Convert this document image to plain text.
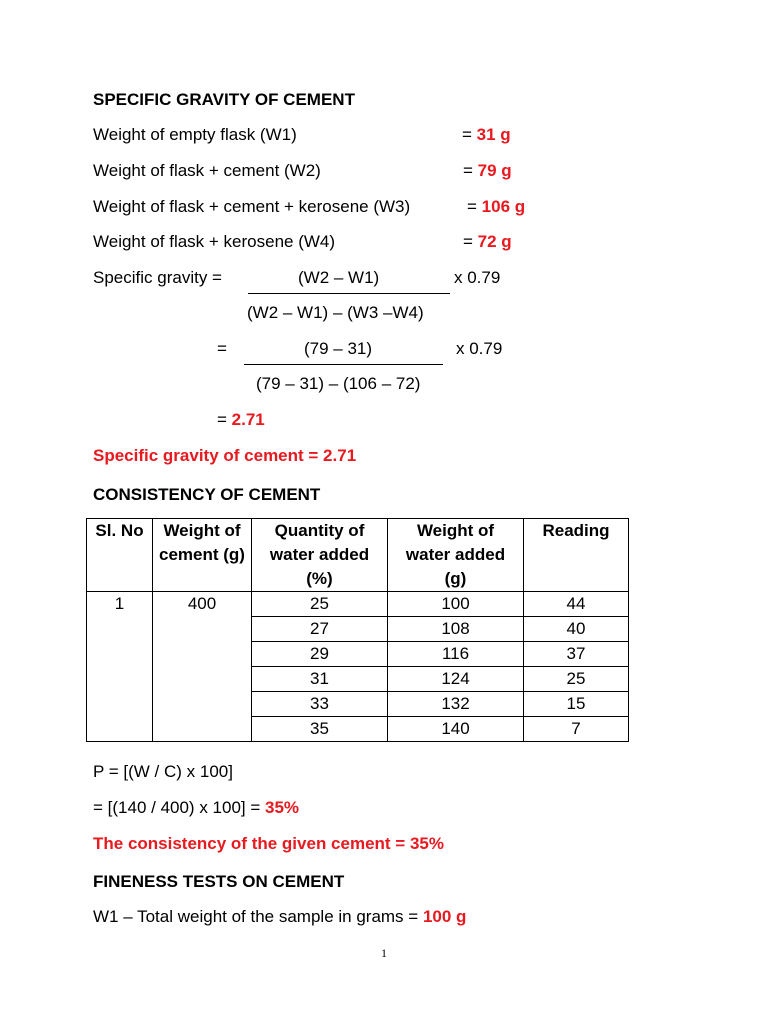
SPECIFIC GRAVITY OF CEMENT
Weight of empty flask (W1)	= 31 g
Weight of flask + cement (W2)	= 79 g
Weight of flask + cement + kerosene (W3)	= 106 g
Weight of flask + kerosene (W4)	= 72 g
Specific gravity =	(W2 – W1)	x 0.79
(W2 – W1) – (W3 –W4)
=	(79 – 31)	x 0.79
(79 – 31) – (106 – 72)
= 2.71
Specific gravity of cement = 2.71
CONSISTENCY OF CEMENT
Sl. No	Weight of cement (g)	Quantity of water added (%)	Weight of water added (g)	Reading
1	400	25	100	44
		27	108	40
		29	116	37
		31	124	25
		33	132	15
		35	140	7
P = [(W / C) x 100]
= [(140 / 400) x 100] = 35%
The consistency of the given cement = 35%
FINENESS TESTS ON CEMENT
W1 – Total weight of the sample in grams = 100 g
1
